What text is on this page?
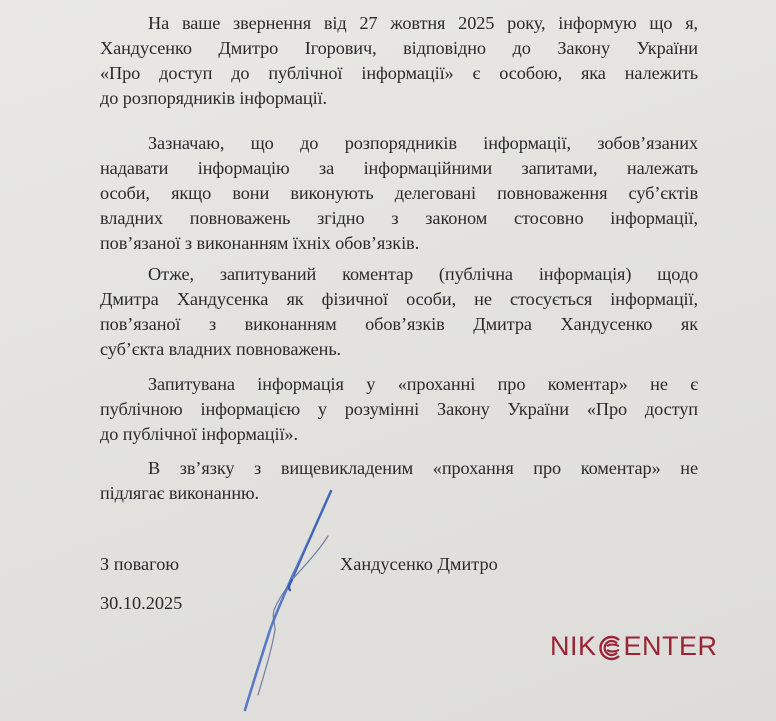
На ваше звернення від 27 жовтня 2025 року, інформую що я,
Хандусенко Дмитро Ігорович, відповідно до Закону України
«Про доступ до публічної інформації» є особою, яка належить
до розпорядників інформації.
Зазначаю, що до розпорядників інформації, зобов’язаних
надавати інформацію за інформаційними запитами, належать
особи, якщо вони виконують делеговані повноваження суб’єктів
владних повноважень згідно з законом стосовно інформації,
пов’язаної з виконанням їхніх обов’язків.
Отже, запитуваний коментар (публічна інформація) щодо
Дмитра Хандусенка як фізичної особи, не стосується інформації,
пов’язаної з виконанням обов’язків Дмитра Хандусенко як
суб’єкта владних повноважень.
Запитувана інформація у «проханні про коментар» не є
публічною інформацією у розумінні Закону України «Про доступ
до публічної інформації».
В зв’язку з вищевикладеним «прохання про коментар» не
підлягає виконанню.
З повагою
30.10.2025
Хандусенко Дмитро
NIK ENTER
